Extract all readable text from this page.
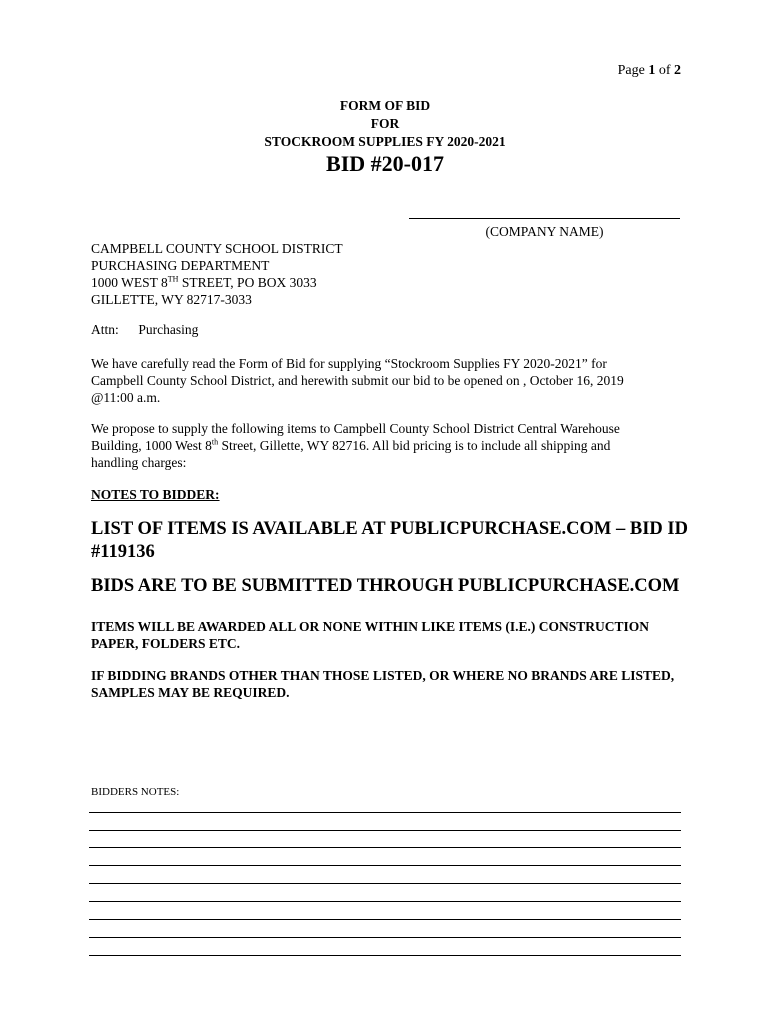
Page 1 of 2
FORM OF BID
FOR
STOCKROOM SUPPLIES FY 2020-2021
BID #20-017
(COMPANY NAME)
CAMPBELL COUNTY SCHOOL DISTRICT
PURCHASING DEPARTMENT
1000 WEST 8TH STREET, PO BOX 3033
GILLETTE, WY 82717-3033
Attn: Purchasing
We have carefully read the Form of Bid for supplying “Stockroom Supplies FY 2020-2021” for Campbell County School District, and herewith submit our bid to be opened on , October 16, 2019 @11:00 a.m.
We propose to supply the following items to Campbell County School District Central Warehouse Building, 1000 West 8th Street, Gillette, WY 82716. All bid pricing is to include all shipping and handling charges:
NOTES TO BIDDER:
LIST OF ITEMS IS AVAILABLE AT PUBLICPURCHASE.COM – BID ID #119136
BIDS ARE TO BE SUBMITTED THROUGH PUBLICPURCHASE.COM
ITEMS WILL BE AWARDED ALL OR NONE WITHIN LIKE ITEMS (I.E.) CONSTRUCTION PAPER, FOLDERS ETC.
IF BIDDING BRANDS OTHER THAN THOSE LISTED, OR WHERE NO BRANDS ARE LISTED, SAMPLES MAY BE REQUIRED.
BIDDERS NOTES:
